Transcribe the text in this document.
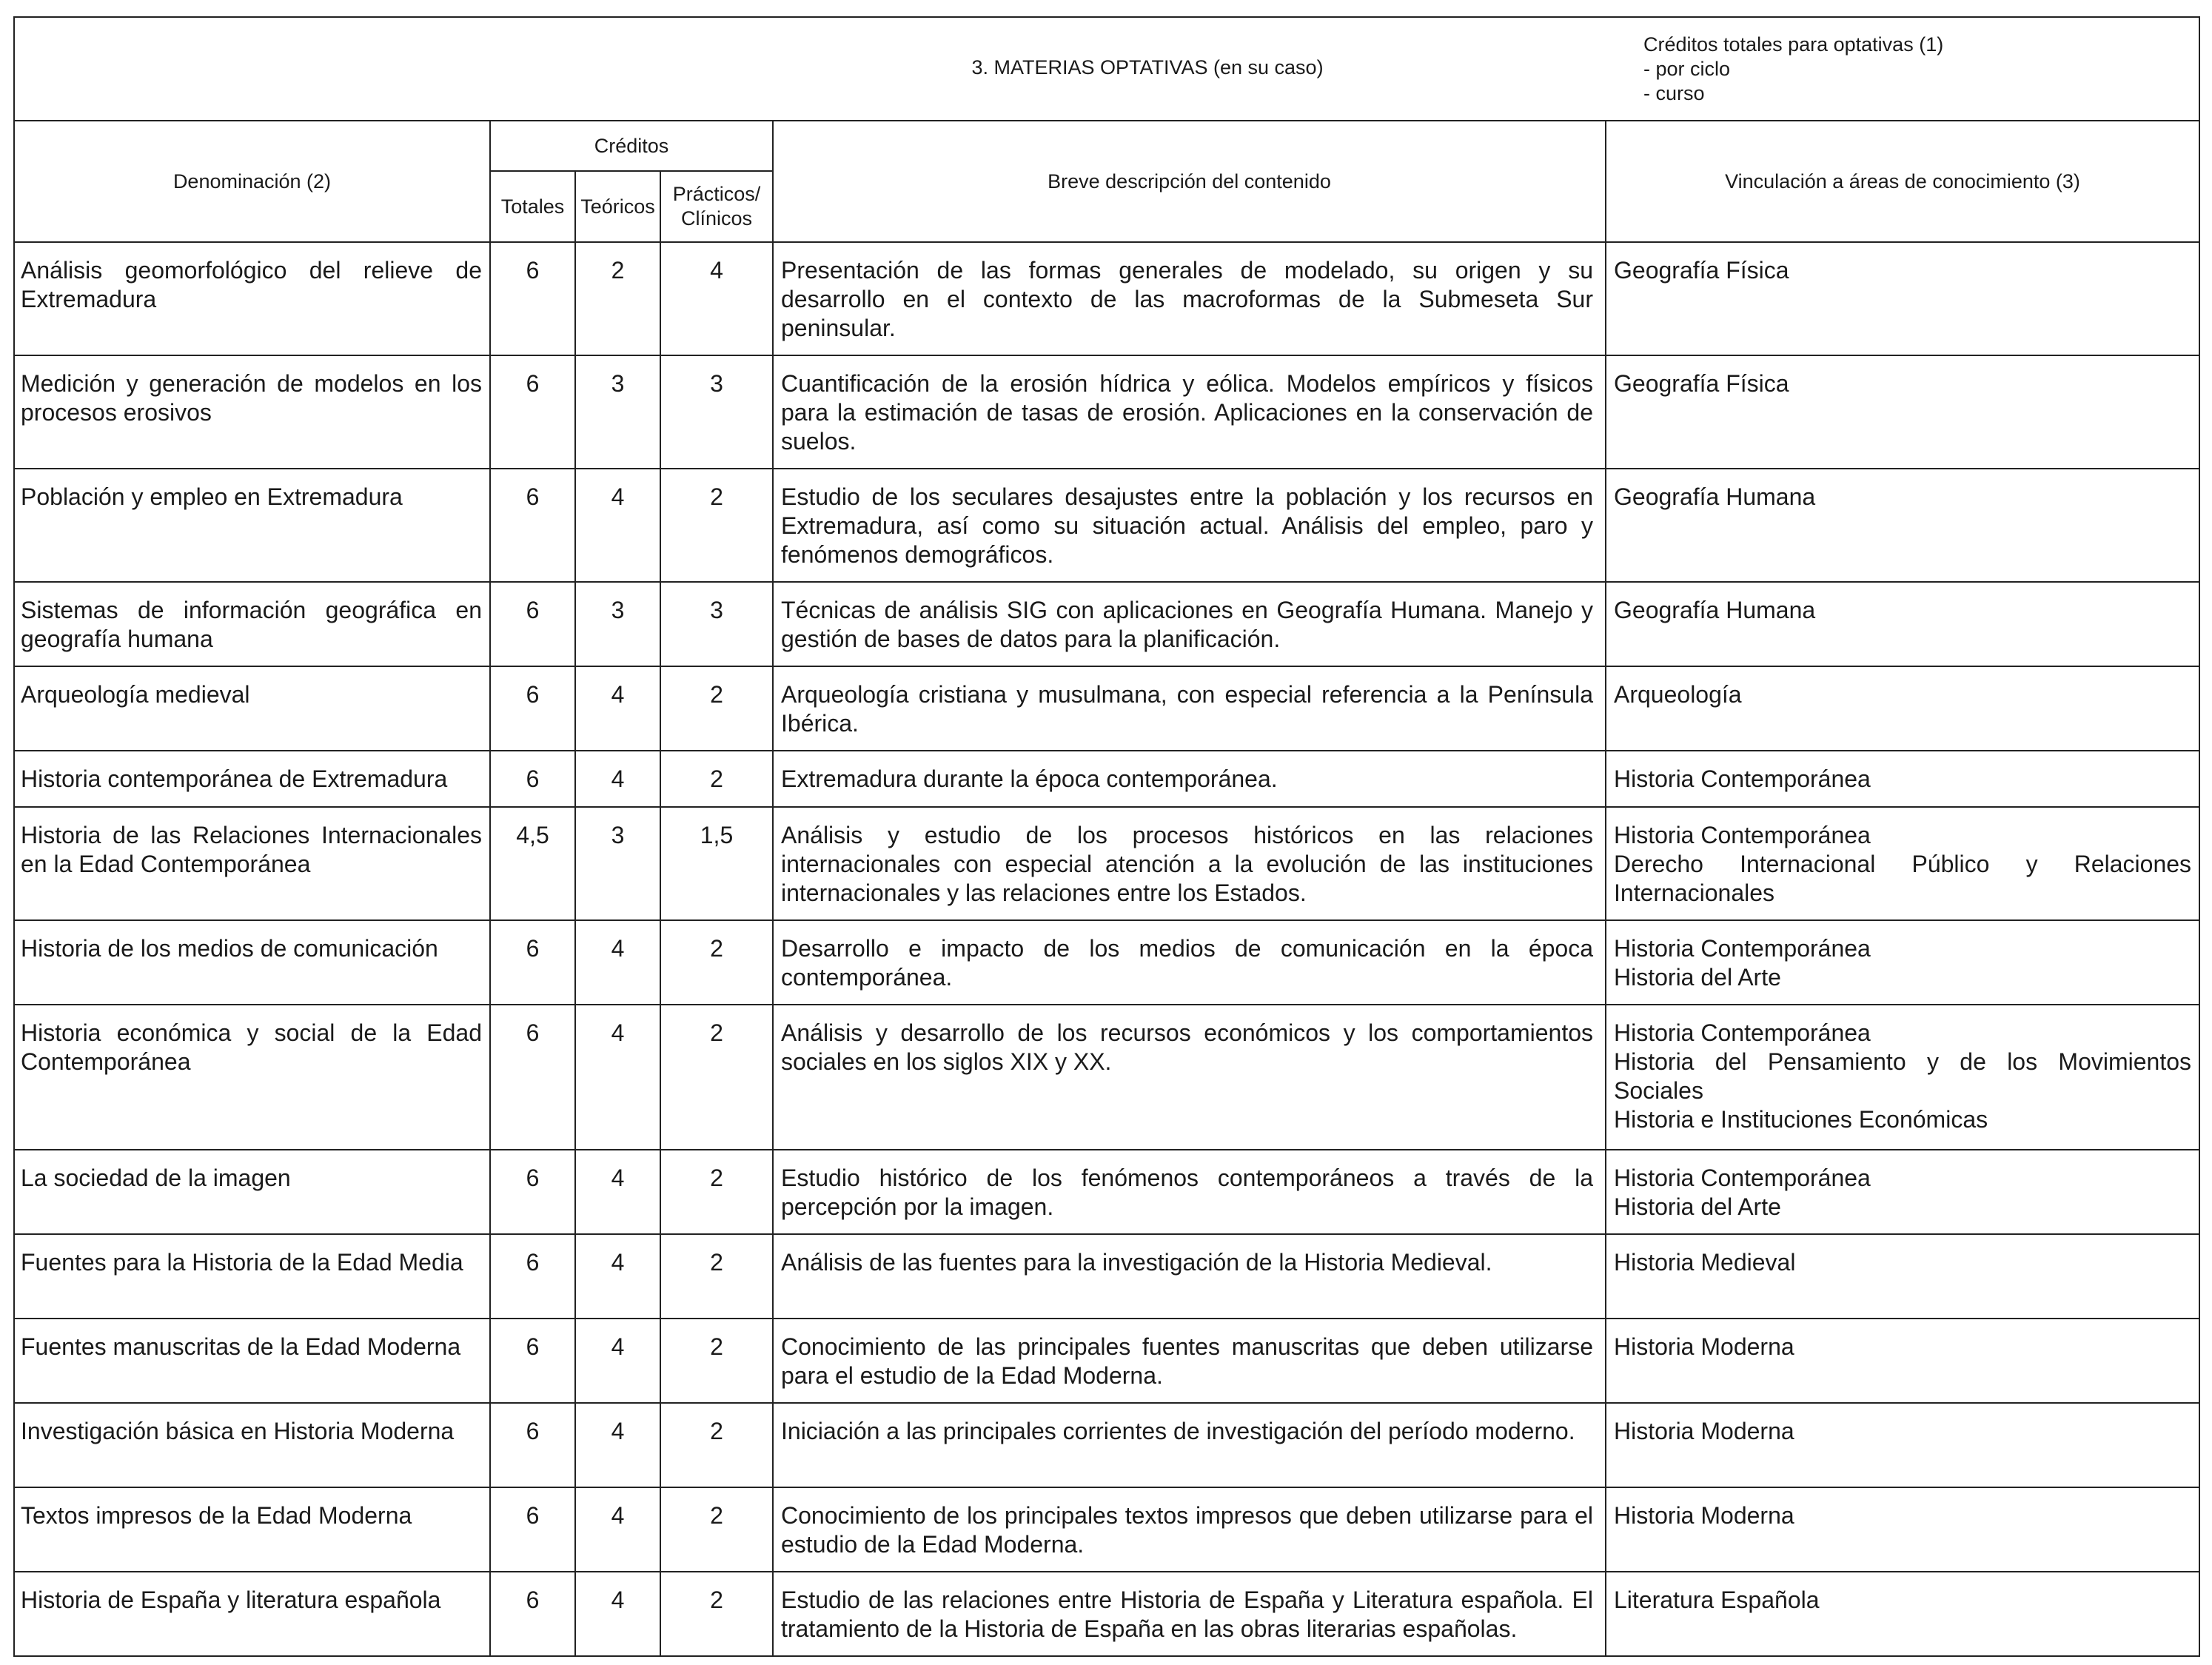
3. MATERIAS OPTATIVAS (en su caso)
Créditos totales para optativas (1)
- por ciclo
- curso					

Denominación (2)	Créditos			Breve descripción del contenido	Vinculación a áreas de conocimiento (3)
	Totales	Teóricos	Prácticos/ Clínicos		
Análisis geomorfológico del relieve de Extremadura	6	2	4	Presentación de las formas generales de modelado, su origen y su desarrollo en el contexto de las macroformas de la Submeseta Sur peninsular.	Geografía Física

Medición y generación de modelos en los procesos erosivos	6	3	3	Cuantificación de la erosión hídrica y eólica. Modelos empíricos y físicos para la estimación de tasas de erosión. Aplicaciones en la conservación de suelos.	Geografía Física

Población y empleo en Extremadura	6	4	2	Estudio de los seculares desajustes entre la población y los recursos en Extremadura, así como su situación actual. Análisis del empleo, paro y fenómenos demográficos.	Geografía Humana

Sistemas de información geográfica en geografía humana	6	3	3	Técnicas de análisis SIG con aplicaciones en Geografía Humana. Manejo y gestión de bases de datos para la planificación.	Geografía Humana

Arqueología medieval	6	4	2	Arqueología cristiana y musulmana, con especial referencia a la Península Ibérica.	Arqueología

Historia contemporánea de Extremadura	6	4	2	Extremadura durante la época contemporánea.	Historia Contemporánea

Historia de las Relaciones Internacionales en la Edad Contemporánea	4,5	3	1,5	Análisis y estudio de los procesos históricos en las relaciones internacionales con especial atención a la evolución de las instituciones internacionales y las relaciones entre los Estados.	Historia Contemporánea
Derecho Internacional Público y Relaciones
Internacionales

Historia de los medios de comunicación	6	4	2	Desarrollo e impacto de los medios de comunicación en la época contemporánea.	Historia Contemporánea
Historia del Arte

Historia económica y social de la Edad Contemporánea	6	4	2	Análisis y desarrollo de los recursos económicos y los comportamientos sociales en los siglos XIX y XX.	Historia Contemporánea
Historia del Pensamiento y de los Movimientos
Sociales
Historia e Instituciones Económicas

La sociedad de la imagen	6	4	2	Estudio histórico de los fenómenos contemporáneos a través de la percepción por la imagen.	Historia Contemporánea
Historia del Arte

Fuentes para la Historia de la Edad Media	6	4	2	Análisis de las fuentes para la investigación de la Historia Medieval.	Historia Medieval

Fuentes manuscritas de la Edad Moderna	6	4	2	Conocimiento de las principales fuentes manuscritas que deben utilizarse para el estudio de la Edad Moderna.	Historia Moderna

Investigación básica en Historia Moderna	6	4	2	Iniciación a las principales corrientes de investigación del período moderno.	Historia Moderna

Textos impresos de la Edad Moderna	6	4	2	Conocimiento de los principales textos impresos que deben utilizarse para el estudio de la Edad Moderna.	Historia Moderna

Historia de España y literatura española	6	4	2	Estudio de las relaciones entre Historia de España y Literatura española. El tratamiento de la Historia de España en las obras literarias españolas.	Literatura Española
